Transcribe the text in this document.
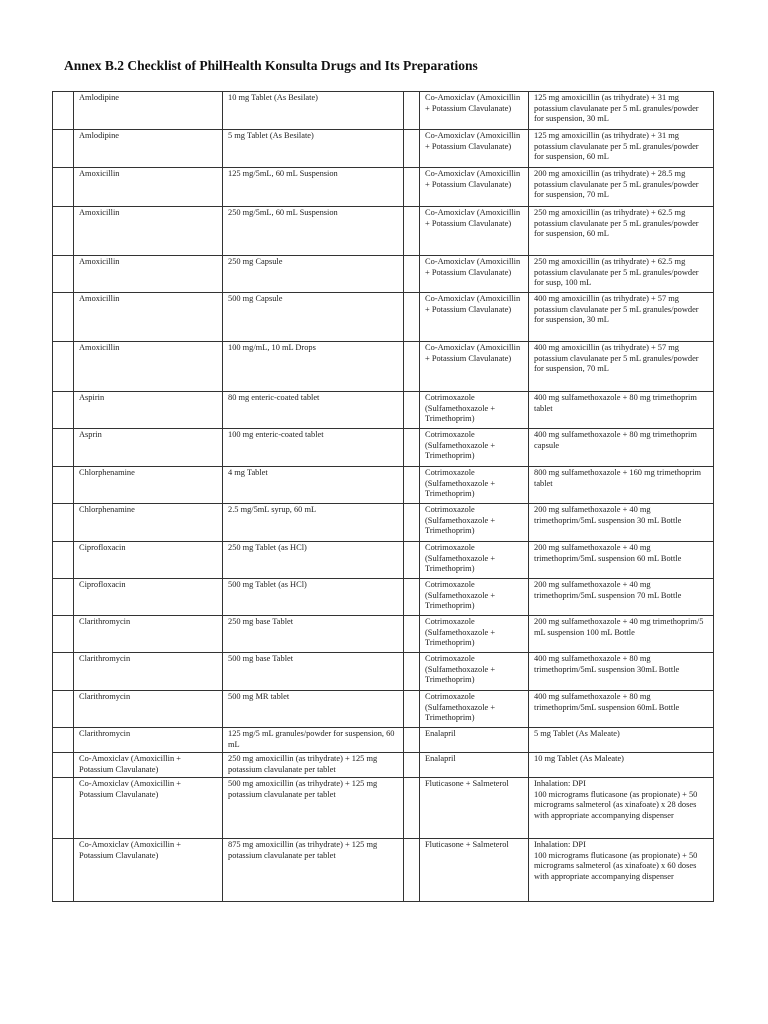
Annex B.2 Checklist of PhilHealth Konsulta Drugs and Its Preparations
	Amlodipine	10 mg Tablet (As Besilate)		Co-Amoxiclav (Amoxicillin + Potassium Clavulanate)	125 mg amoxicillin (as trihydrate) + 31 mg potassium clavulanate per 5 mL granules/powder for suspension, 30 mL
	Amlodipine	5 mg Tablet (As Besilate)		Co-Amoxiclav (Amoxicillin + Potassium Clavulanate)	125 mg amoxicillin (as trihydrate) + 31 mg potassium clavulanate per 5 mL granules/powder for suspension, 60 mL
	Amoxicillin	125 mg/5mL, 60 mL Suspension		Co-Amoxiclav (Amoxicillin + Potassium Clavulanate)	200 mg amoxicillin (as trihydrate) + 28.5 mg potassium clavulanate per 5 mL granules/powder for suspension, 70 mL
	Amoxicillin	250 mg/5mL, 60 mL Suspension		Co-Amoxiclav (Amoxicillin + Potassium Clavulanate)	250 mg amoxicillin (as trihydrate) + 62.5 mg potassium clavulanate per 5 mL granules/powder for suspension, 60 mL
	Amoxicillin	250 mg Capsule		Co-Amoxiclav (Amoxicillin + Potassium Clavulanate)	250 mg amoxicillin (as trihydrate) + 62.5 mg potassium clavulanate per 5 mL granules/powder for susp, 100 mL
	Amoxicillin	500 mg Capsule		Co-Amoxiclav (Amoxicillin + Potassium Clavulanate)	400 mg amoxicillin (as trihydrate) + 57 mg potassium clavulanate per 5 mL granules/powder for suspension, 30 mL
	Amoxicillin	100 mg/mL, 10 mL Drops		Co-Amoxiclav (Amoxicillin + Potassium Clavulanate)	400 mg amoxicillin (as trihydrate) + 57 mg potassium clavulanate per 5 mL granules/powder for suspension, 70 mL
	Aspirin	80 mg enteric-coated tablet		Cotrimoxazole (Sulfamethoxazole + Trimethoprim)	400 mg sulfamethoxazole + 80 mg trimethoprim tablet
	Asprin	100 mg enteric-coated tablet		Cotrimoxazole (Sulfamethoxazole + Trimethoprim)	400 mg sulfamethoxazole + 80 mg trimethoprim capsule
	Chlorphenamine	4 mg Tablet		Cotrimoxazole (Sulfamethoxazole + Trimethoprim)	800 mg sulfamethoxazole + 160 mg trimethoprim tablet
	Chlorphenamine	2.5 mg/5mL syrup, 60 mL		Cotrimoxazole (Sulfamethoxazole + Trimethoprim)	200 mg sulfamethoxazole + 40 mg trimethoprim/5mL suspension 30 mL Bottle
	Ciprofloxacin	250 mg Tablet (as HCl)		Cotrimoxazole (Sulfamethoxazole + Trimethoprim)	200 mg sulfamethoxazole + 40 mg trimethoprim/5mL suspension 60 mL Bottle
	Ciprofloxacin	500 mg Tablet (as HCl)		Cotrimoxazole (Sulfamethoxazole + Trimethoprim)	200 mg sulfamethoxazole + 40 mg trimethoprim/5mL suspension 70 mL Bottle
	Clarithromycin	250 mg base Tablet		Cotrimoxazole (Sulfamethoxazole + Trimethoprim)	200 mg sulfamethoxazole + 40 mg trimethoprim/5 mL suspension 100 mL Bottle
	Clarithromycin	500 mg base Tablet		Cotrimoxazole (Sulfamethoxazole + Trimethoprim)	400 mg sulfamethoxazole + 80 mg trimethoprim/5mL suspension 30mL Bottle
	Clarithromycin	500 mg MR tablet		Cotrimoxazole (Sulfamethoxazole + Trimethoprim)	400 mg sulfamethoxazole + 80 mg trimethoprim/5mL suspension 60mL Bottle
	Clarithromycin	125 mg/5 mL granules/powder for suspension, 60 mL		Enalapril	5 mg Tablet (As Maleate)
	Co-Amoxiclav (Amoxicillin + Potassium Clavulanate)	250 mg amoxicillin (as trihydrate) + 125 mg potassium clavulanate per tablet		Enalapril	10 mg Tablet (As Maleate)
	Co-Amoxiclav (Amoxicillin + Potassium Clavulanate)	500 mg amoxicillin (as trihydrate) + 125 mg potassium clavulanate per tablet		Fluticasone + Salmeterol	Inhalation: DPI
100 micrograms fluticasone (as propionate) + 50 micrograms salmeterol (as xinafoate) x 28 doses with appropriate accompanying dispenser
	Co-Amoxiclav (Amoxicillin + Potassium Clavulanate)	875 mg amoxicillin (as trihydrate) + 125 mg potassium clavulanate per tablet		Fluticasone + Salmeterol	Inhalation: DPI
100 micrograms fluticasone (as propionate) + 50 micrograms salmeterol (as xinafoate) x 60 doses with appropriate accompanying dispenser
